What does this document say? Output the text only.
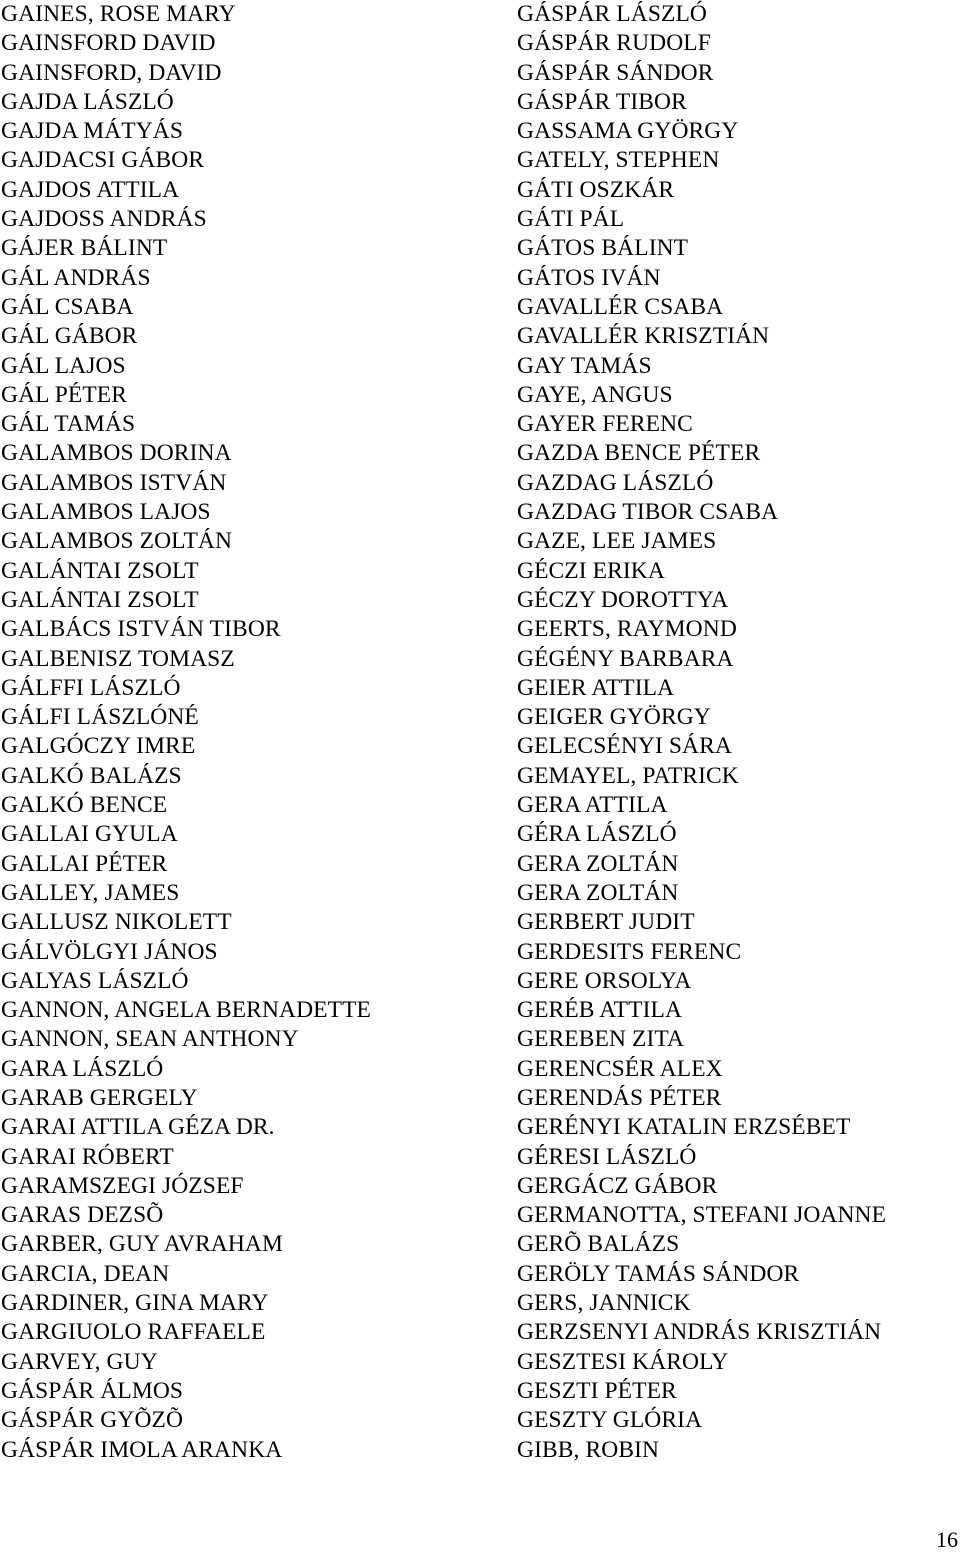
GAINES, ROSE MARY
GAINSFORD DAVID
GAINSFORD, DAVID
GAJDA LÁSZLÓ
GAJDA MÁTYÁS
GAJDACSI GÁBOR
GAJDOS ATTILA
GAJDOSS ANDRÁS
GÁJER BÁLINT
GÁL ANDRÁS
GÁL CSABA
GÁL GÁBOR
GÁL LAJOS
GÁL PÉTER
GÁL TAMÁS
GALAMBOS DORINA
GALAMBOS ISTVÁN
GALAMBOS LAJOS
GALAMBOS ZOLTÁN
GALÁNTAI ZSOLT
GALÁNTAI ZSOLT
GALBÁCS ISTVÁN TIBOR
GALBENISZ TOMASZ
GÁLFFI LÁSZLÓ
GÁLFI LÁSZLÓNÉ
GALGÓCZY IMRE
GALKÓ BALÁZS
GALKÓ BENCE
GALLAI GYULA
GALLAI PÉTER
GALLEY, JAMES
GALLUSZ NIKOLETT
GÁLVÖLGYI JÁNOS
GALYAS LÁSZLÓ
GANNON, ANGELA BERNADETTE
GANNON, SEAN ANTHONY
GARA LÁSZLÓ
GARAB GERGELY
GARAI ATTILA GÉZA DR.
GARAI RÓBERT
GARAMSZEGI JÓZSEF
GARAS DEZSÕ
GARBER, GUY AVRAHAM
GARCIA, DEAN
GARDINER, GINA MARY
GARGIUOLO RAFFAELE
GARVEY, GUY
GÁSPÁR ÁLMOS
GÁSPÁR GYÕZÕ
GÁSPÁR IMOLA ARANKA
GÁSPÁR LÁSZLÓ
GÁSPÁR RUDOLF
GÁSPÁR SÁNDOR
GÁSPÁR TIBOR
GASSAMA GYÖRGY
GATELY, STEPHEN
GÁTI OSZKÁR
GÁTI PÁL
GÁTOS BÁLINT
GÁTOS IVÁN
GAVALLÉR CSABA
GAVALLÉR KRISZTIÁN
GAY TAMÁS
GAYE, ANGUS
GAYER FERENC
GAZDA BENCE PÉTER
GAZDAG LÁSZLÓ
GAZDAG TIBOR CSABA
GAZE, LEE JAMES
GÉCZI ERIKA
GÉCZY DOROTTYA
GEERTS, RAYMOND
GÉGÉNY BARBARA
GEIER ATTILA
GEIGER GYÖRGY
GELECSÉNYI SÁRA
GEMAYEL, PATRICK
GERA ATTILA
GÉRA LÁSZLÓ
GERA ZOLTÁN
GERA ZOLTÁN
GERBERT JUDIT
GERDESITS FERENC
GERE ORSOLYA
GERÉB ATTILA
GEREBEN ZITA
GERENCSÉR ALEX
GERENDÁS PÉTER
GERÉNYI KATALIN ERZSÉBET
GÉRESI LÁSZLÓ
GERGÁCZ GÁBOR
GERMANOTTA, STEFANI JOANNE
GERÕ BALÁZS
GERÖLY TAMÁS SÁNDOR
GERS, JANNICK
GERZSENYI ANDRÁS KRISZTIÁN
GESZTESI KÁROLY
GESZTI PÉTER
GESZTY GLÓRIA
GIBB, ROBIN
16
